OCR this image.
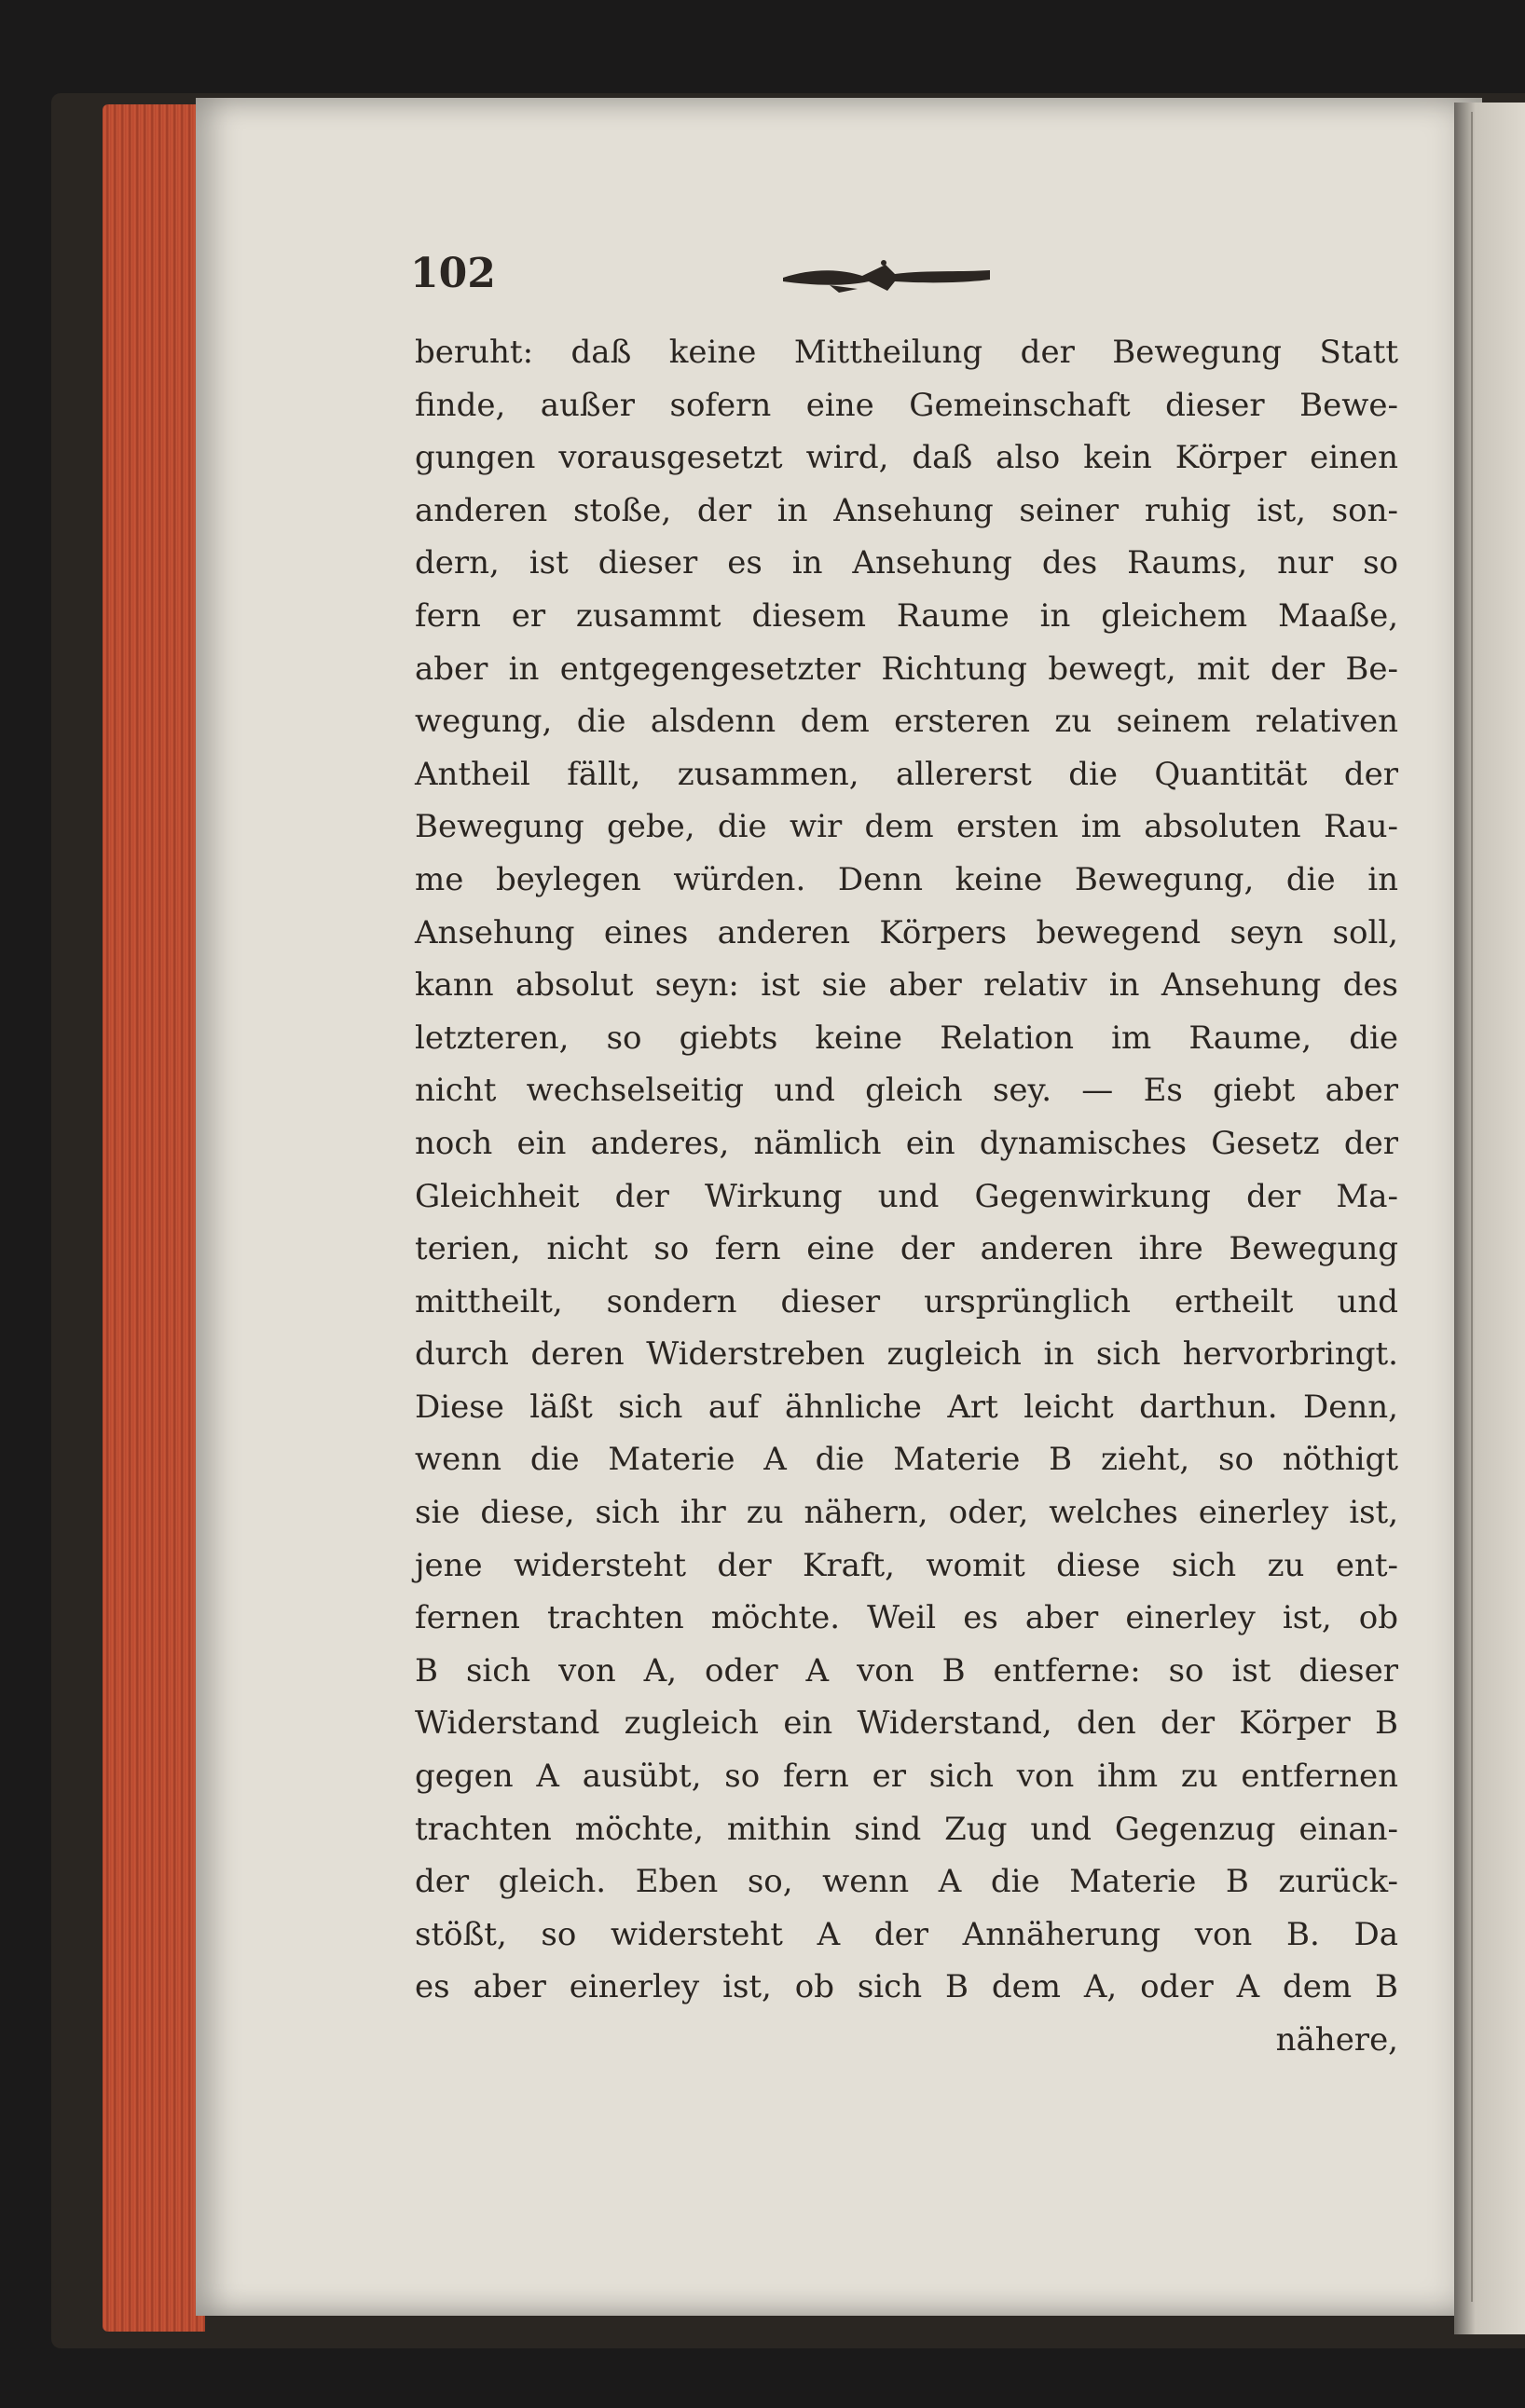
102
beruht: daß keine Mittheilung der Bewegung Statt
finde, außer sofern eine Gemeinschaft dieser Bewe-
gungen vorausgesetzt wird, daß also kein Körper einen
anderen stoße, der in Ansehung seiner ruhig ist, son-
dern, ist dieser es in Ansehung des Raums, nur so
fern er zusammt diesem Raume in gleichem Maaße,
aber in entgegengesetzter Richtung bewegt, mit der Be-
wegung, die alsdenn dem ersteren zu seinem relativen
Antheil fällt, zusammen, allererst die Quantität der
Bewegung gebe, die wir dem ersten im absoluten Rau-
me beylegen würden. Denn keine Bewegung, die in
Ansehung eines anderen Körpers bewegend seyn soll,
kann absolut seyn: ist sie aber relativ in Ansehung des
letzteren, so giebts keine Relation im Raume, die
nicht wechselseitig und gleich sey. — Es giebt aber
noch ein anderes, nämlich ein dynamisches Gesetz der
Gleichheit der Wirkung und Gegenwirkung der Ma-
terien, nicht so fern eine der anderen ihre Bewegung
mittheilt, sondern dieser ursprünglich ertheilt und
durch deren Widerstreben zugleich in sich hervorbringt.
Diese läßt sich auf ähnliche Art leicht darthun. Denn,
wenn die Materie A die Materie B zieht, so nöthigt
sie diese, sich ihr zu nähern, oder, welches einerley ist,
jene widersteht der Kraft, womit diese sich zu ent-
fernen trachten möchte. Weil es aber einerley ist, ob
B sich von A, oder A von B entferne: so ist dieser
Widerstand zugleich ein Widerstand, den der Körper B
gegen A ausübt, so fern er sich von ihm zu entfernen
trachten möchte, mithin sind Zug und Gegenzug einan-
der gleich. Eben so, wenn A die Materie B zurück-
stößt, so widersteht A der Annäherung von B. Da
es aber einerley ist, ob sich B dem A, oder A dem B
nähere,
